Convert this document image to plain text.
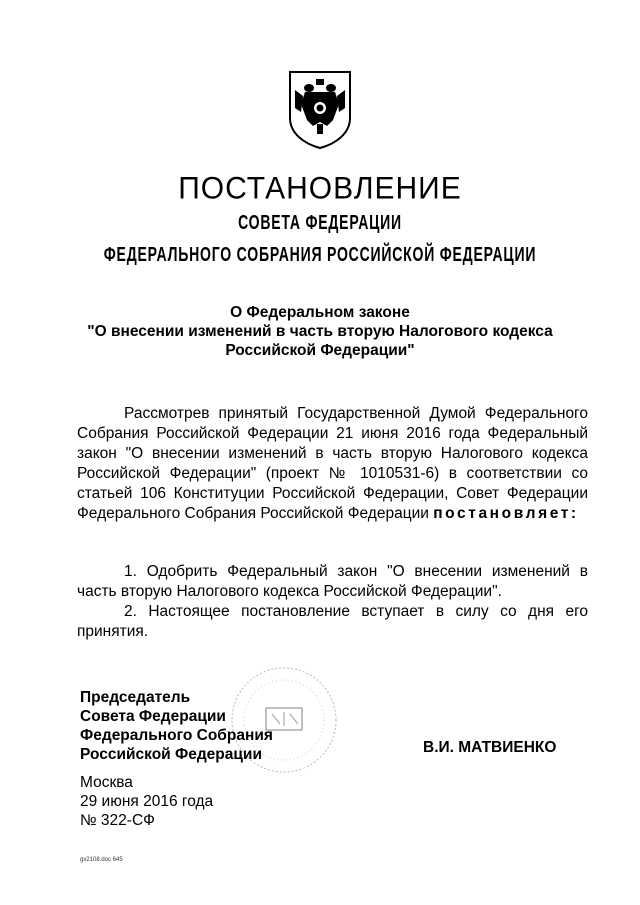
ПОСТАНОВЛЕНИЕ
СОВЕТА ФЕДЕРАЦИИ
ФЕДЕРАЛЬНОГО СОБРАНИЯ РОССИЙСКОЙ ФЕДЕРАЦИИ
О Федеральном законе
"О внесении изменений в часть вторую Налогового кодекса
Российской Федерации"
Рассмотрев принятый Государственной Думой Федерального Собрания Российской Федерации 21 июня 2016 года Федеральный закон "О внесении изменений в часть вторую Налогового кодекса Российской Федерации" (проект № 1010531-6) в соответствии со статьей 106 Конституции Российской Федерации, Совет Федерации Федерального Собрания Российской Федерации постановляет:
1. Одобрить Федеральный закон "О внесении изменений в часть вторую Налогового кодекса Российской Федерации".
2. Настоящее постановление вступает в силу со дня его принятия.
Председатель
Совета Федерации
Федерального Собрания
Российской Федерации	В.И. МАТВИЕНКО
Москва
29 июня 2016 года
№ 322-СФ
gv2108.doc 645
